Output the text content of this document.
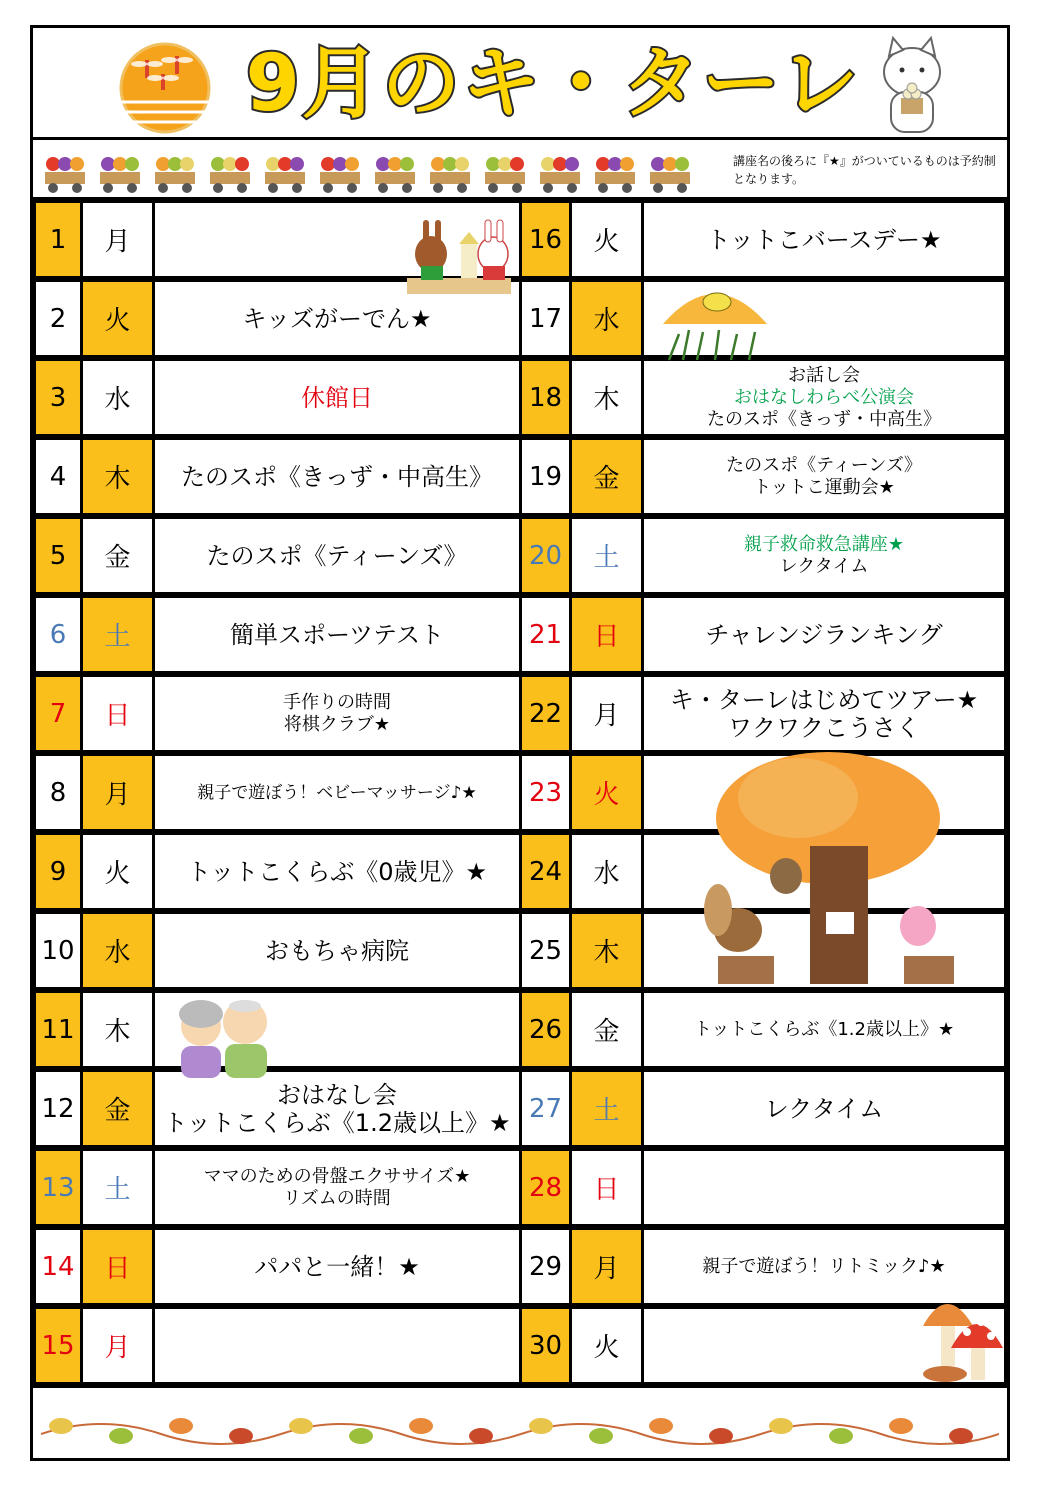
9月のキ・ターレ
講座名の後ろに『★』がついているものは予約制となります。
1	月
2	火	キッズがーでん★
3	水	休館日
4	木	たのスポ《きっず・中高生》
5	金	たのスポ《ティーンズ》
6	土	簡単スポーツテスト
7	日	手作りの時間
将棋クラブ★
8	月	親子で遊ぼう！ベビーマッサージ♪★
9	火	トットこくらぶ《0歳児》★
10	水	おもちゃ病院
11	木
12	金
おはなし会
トットこくらぶ《1.2歳以上》★
13	土	ママのための骨盤エクササイズ★
リズムの時間
14	日	パパと一緒！★
15	月
16	火	トットこバースデー★
17	水
18	木
お話し会
おはなしわらべ公演会
たのスポ《きっず・中高生》
19	金	たのスポ《ティーンズ》
トットこ運動会★
20	土	親子救命救急講座★
レクタイム
21	日	チャレンジランキング
22	月
キ・ターレはじめてツアー★
ワクワクこうさく
23	火
24	水
25	木
26	金	トットこくらぶ《1.2歳以上》★
27	土	レクタイム
28	日
29	月	親子で遊ぼう！リトミック♪★
30	火
